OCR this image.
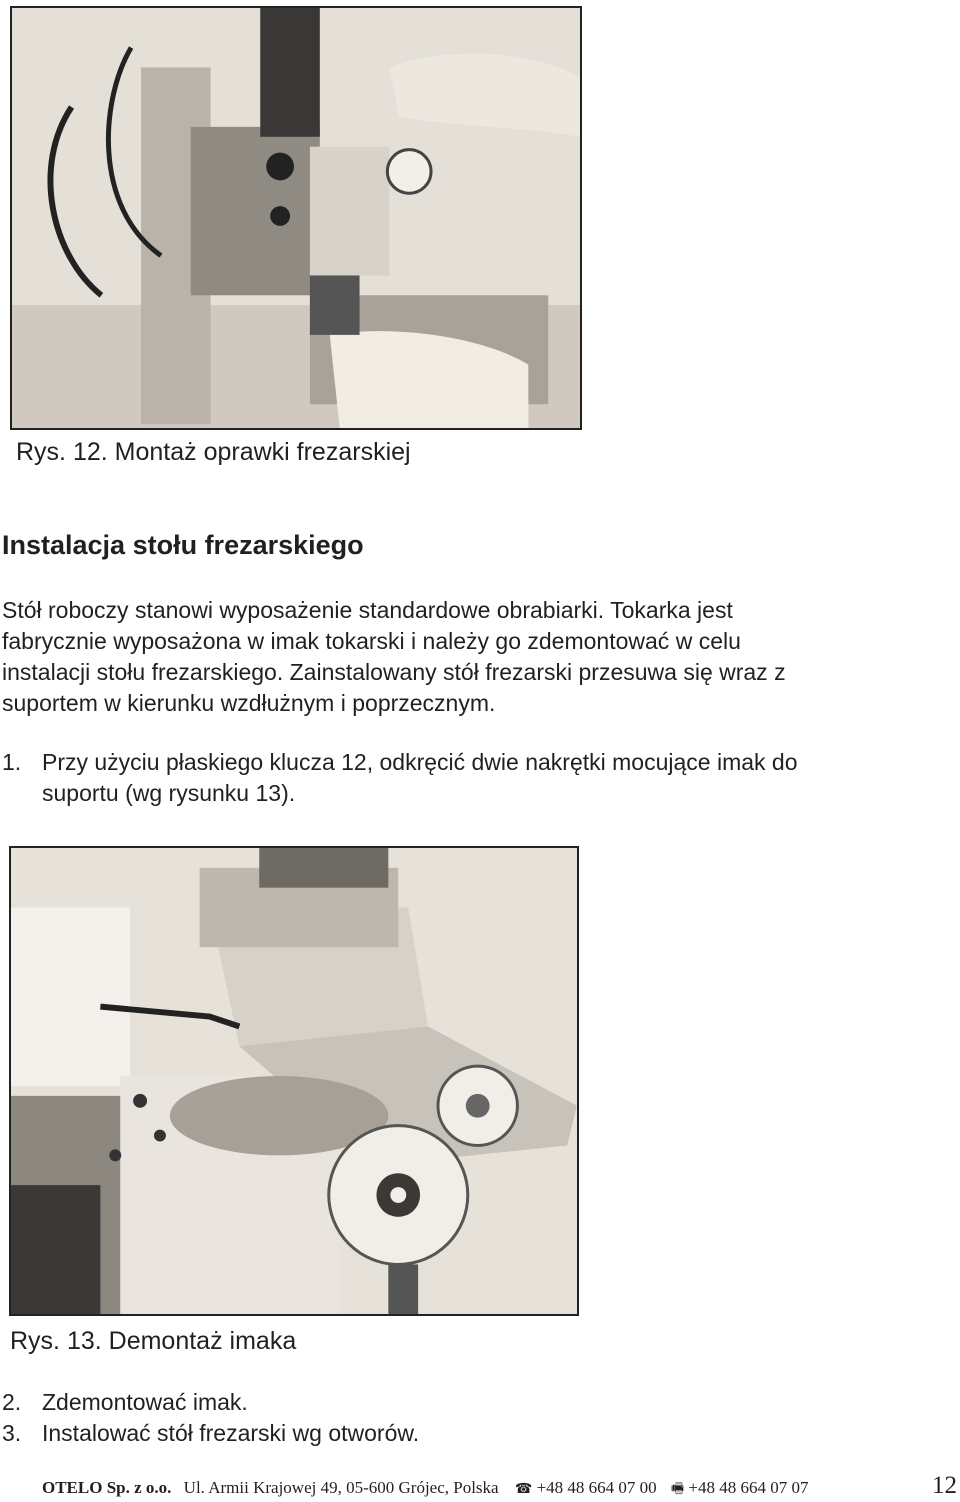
Rys. 12. Montaż oprawki frezarskiej
Instalacja stołu frezarskiego
Stół roboczy stanowi wyposażenie standardowe obrabiarki. Tokarka jest
fabrycznie wyposażona w imak tokarski i należy go zdemontować w celu
instalacji stołu frezarskiego. Zainstalowany stół frezarski przesuwa się wraz z
suportem w kierunku wzdłużnym i poprzecznym.
1. Przy użyciu płaskiego klucza 12, odkręcić dwie nakrętki mocujące imak do
suportu (wg rysunku 13).
Rys. 13. Demontaż imaka
2. Zdemontować imak.
3. Instalować stół frezarski wg otworów.
OTELO Sp. z o.o. Ul. Armii Krajowej 49, 05-600 Grójec, Polska ☎ +48 48 664 07 00 🖷 +48 48 664 07 07	12
